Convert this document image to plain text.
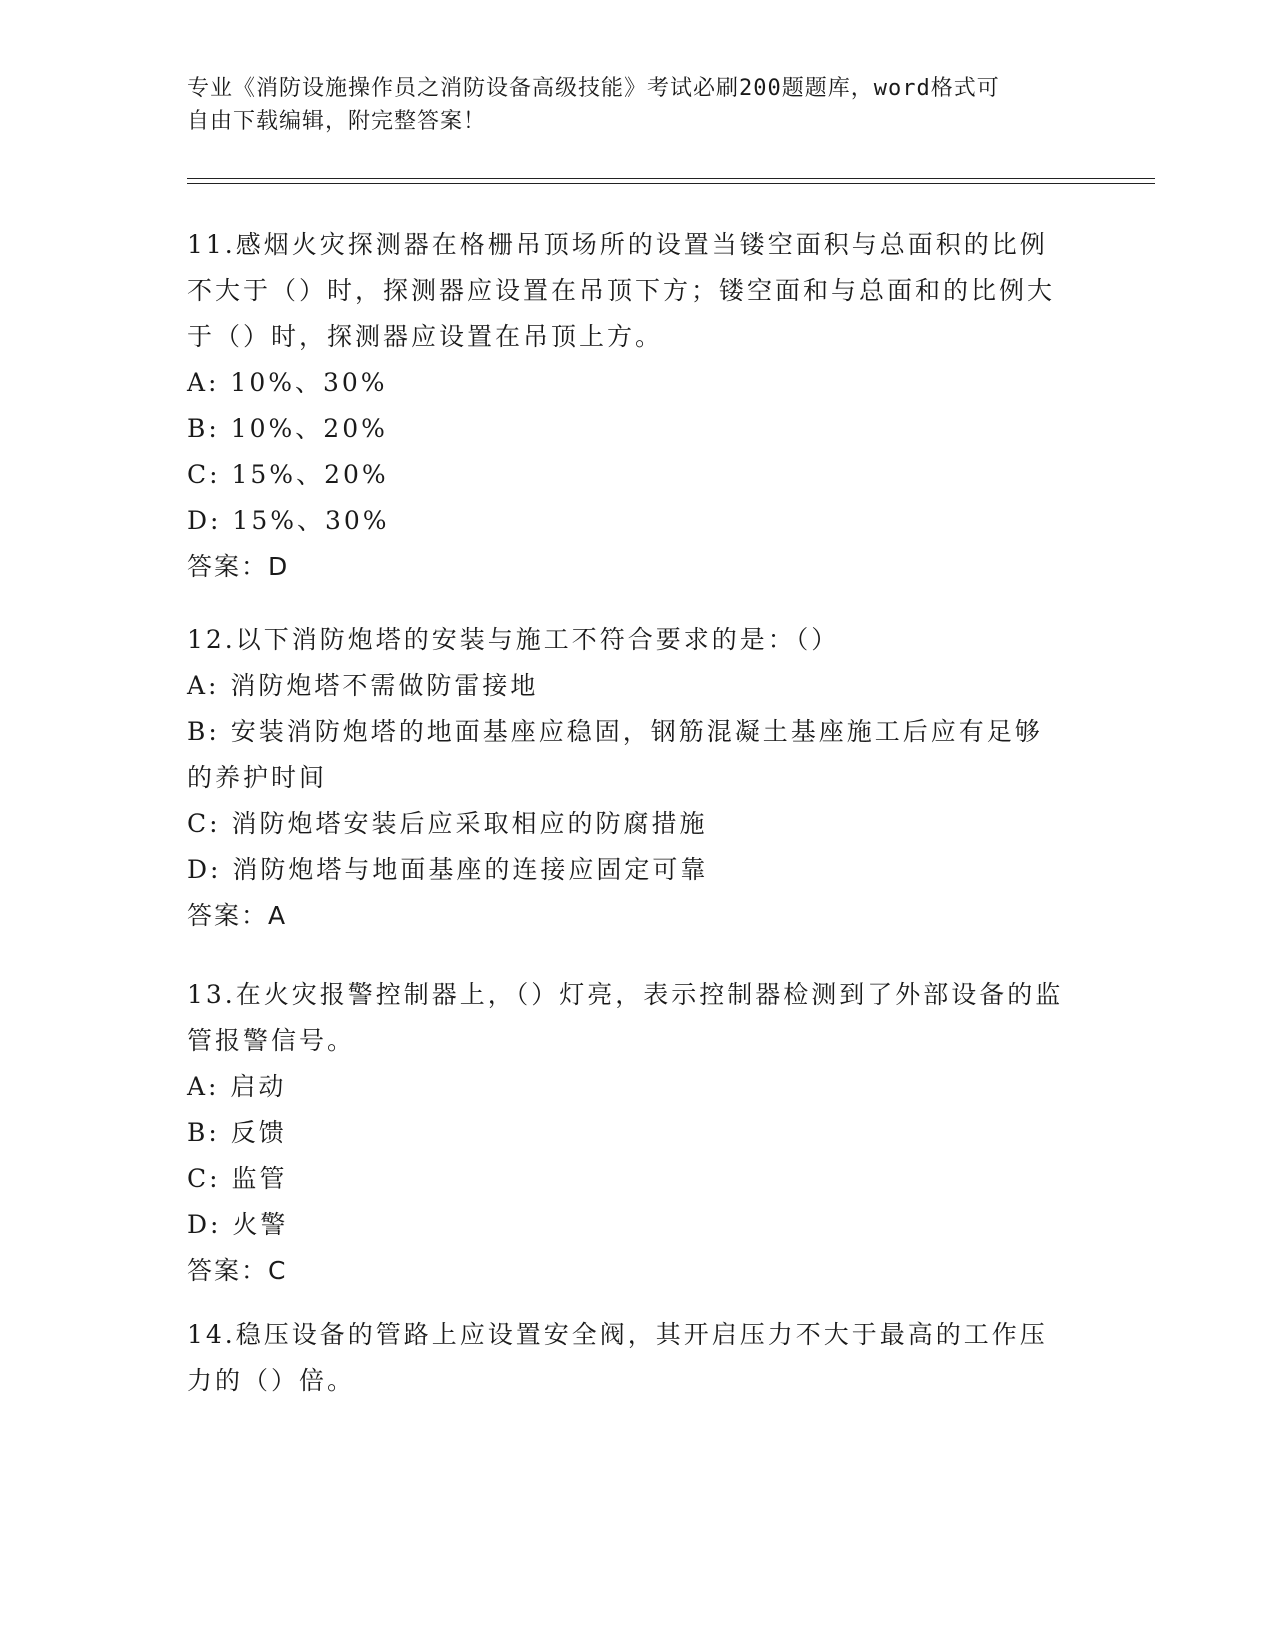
专业《消防设施操作员之消防设备高级技能》考试必刷200题题库，word格式可
自由下载编辑，附完整答案！

11.感烟火灾探测器在格栅吊顶场所的设置当镂空面积与总面积的比例不大于（）时，探测器应设置在吊顶下方；镂空面和与总面和的比例大于（）时，探测器应设置在吊顶上方。

A: 10%、30%

B: 10%、20%

C: 15%、20%

D: 15%、30%

答案：D

12.以下消防炮塔的安装与施工不符合要求的是：（）

A: 消防炮塔不需做防雷接地

B: 安装消防炮塔的地面基座应稳固，钢筋混凝土基座施工后应有足够的养护时间

C: 消防炮塔安装后应采取相应的防腐措施

D: 消防炮塔与地面基座的连接应固定可靠

答案：A

13.在火灾报警控制器上，（）灯亮，表示控制器检测到了外部设备的监管报警信号。

A: 启动

B: 反馈

C: 监管

D: 火警

答案：C

14.稳压设备的管路上应设置安全阀，其开启压力不大于最高的工作压力的（）倍。
